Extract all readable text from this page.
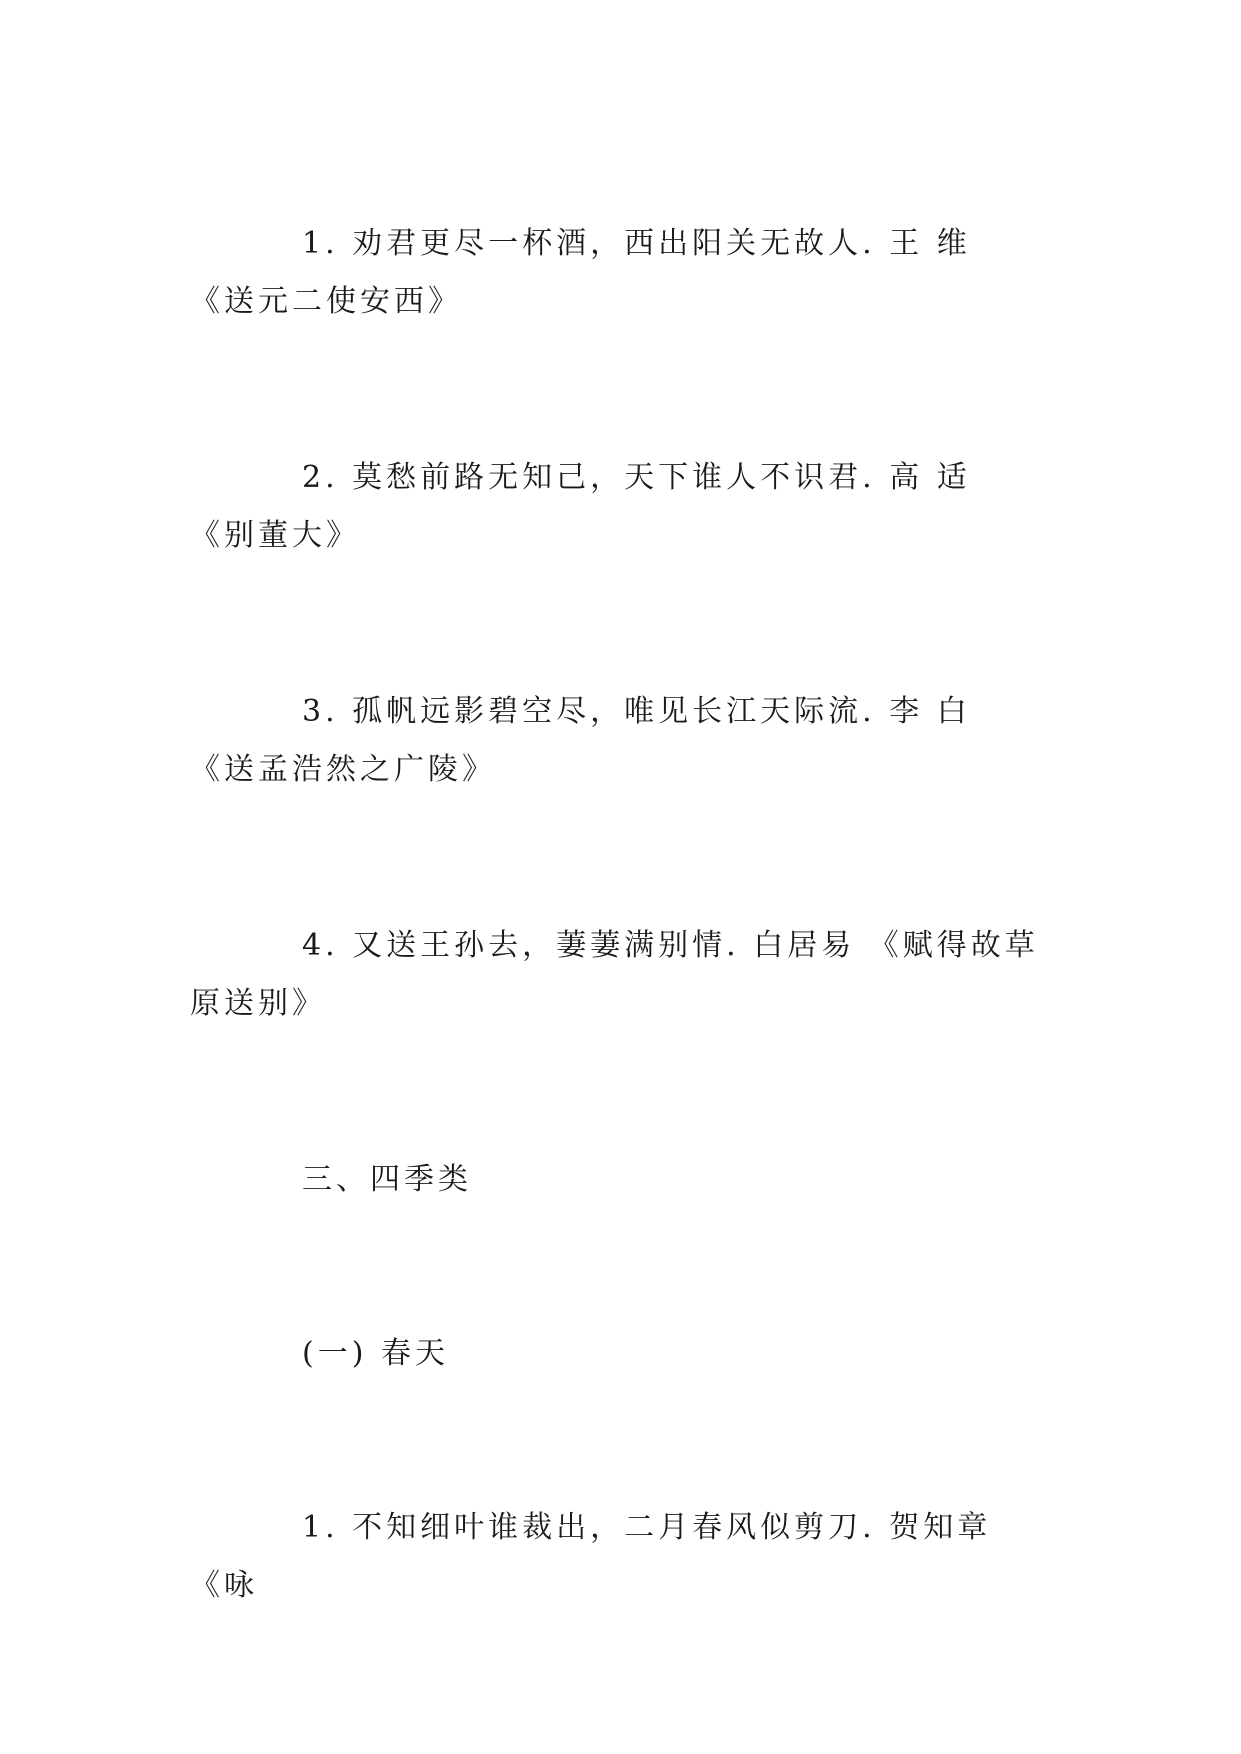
1. 劝君更尽一杯酒，西出阳关无故人. 王 维 《送元二使安西》
2. 莫愁前路无知己，天下谁人不识君. 高 适 《别董大》
3. 孤帆远影碧空尽，唯见长江天际流. 李 白 《送孟浩然之广陵》
4. 又送王孙去，萋萋满别情. 白居易 《赋得故草原送别》
三、四季类
(一) 春天
1. 不知细叶谁裁出，二月春风似剪刀. 贺知章 《咏
